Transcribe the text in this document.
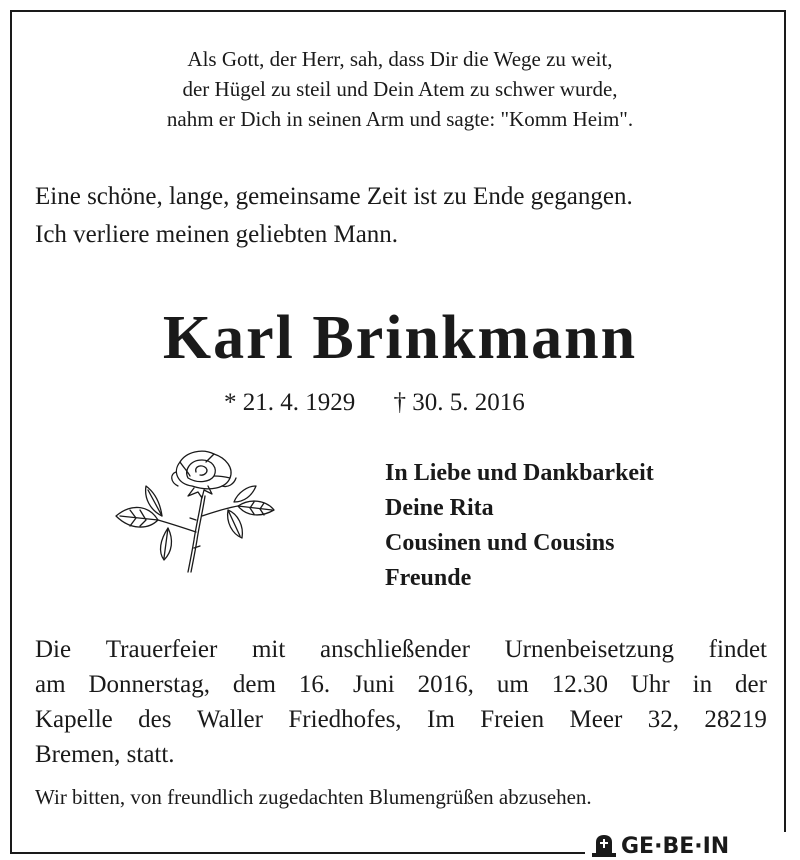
Als Gott, der Herr, sah, dass Dir die Wege zu weit,
der Hügel zu steil und Dein Atem zu schwer wurde,
nahm er Dich in seinen Arm und sagte: "Komm Heim".
Eine schöne, lange, gemeinsame Zeit ist zu Ende gegangen.
Ich verliere meinen geliebten Mann.
Karl Brinkmann
* 21. 4. 1929 † 30. 5. 2016
In Liebe und Dankbarkeit
Deine Rita
Cousinen und Cousins
Freunde
Die Trauerfeier mit anschließender Urnenbeisetzung findet
am Donnerstag, dem 16. Juni 2016, um 12.30 Uhr in der
Kapelle des Waller Friedhofes, Im Freien Meer 32, 28219
Bremen, statt.
Wir bitten, von freundlich zugedachten Blumengrüßen abzusehen.
GE·BE·IN
